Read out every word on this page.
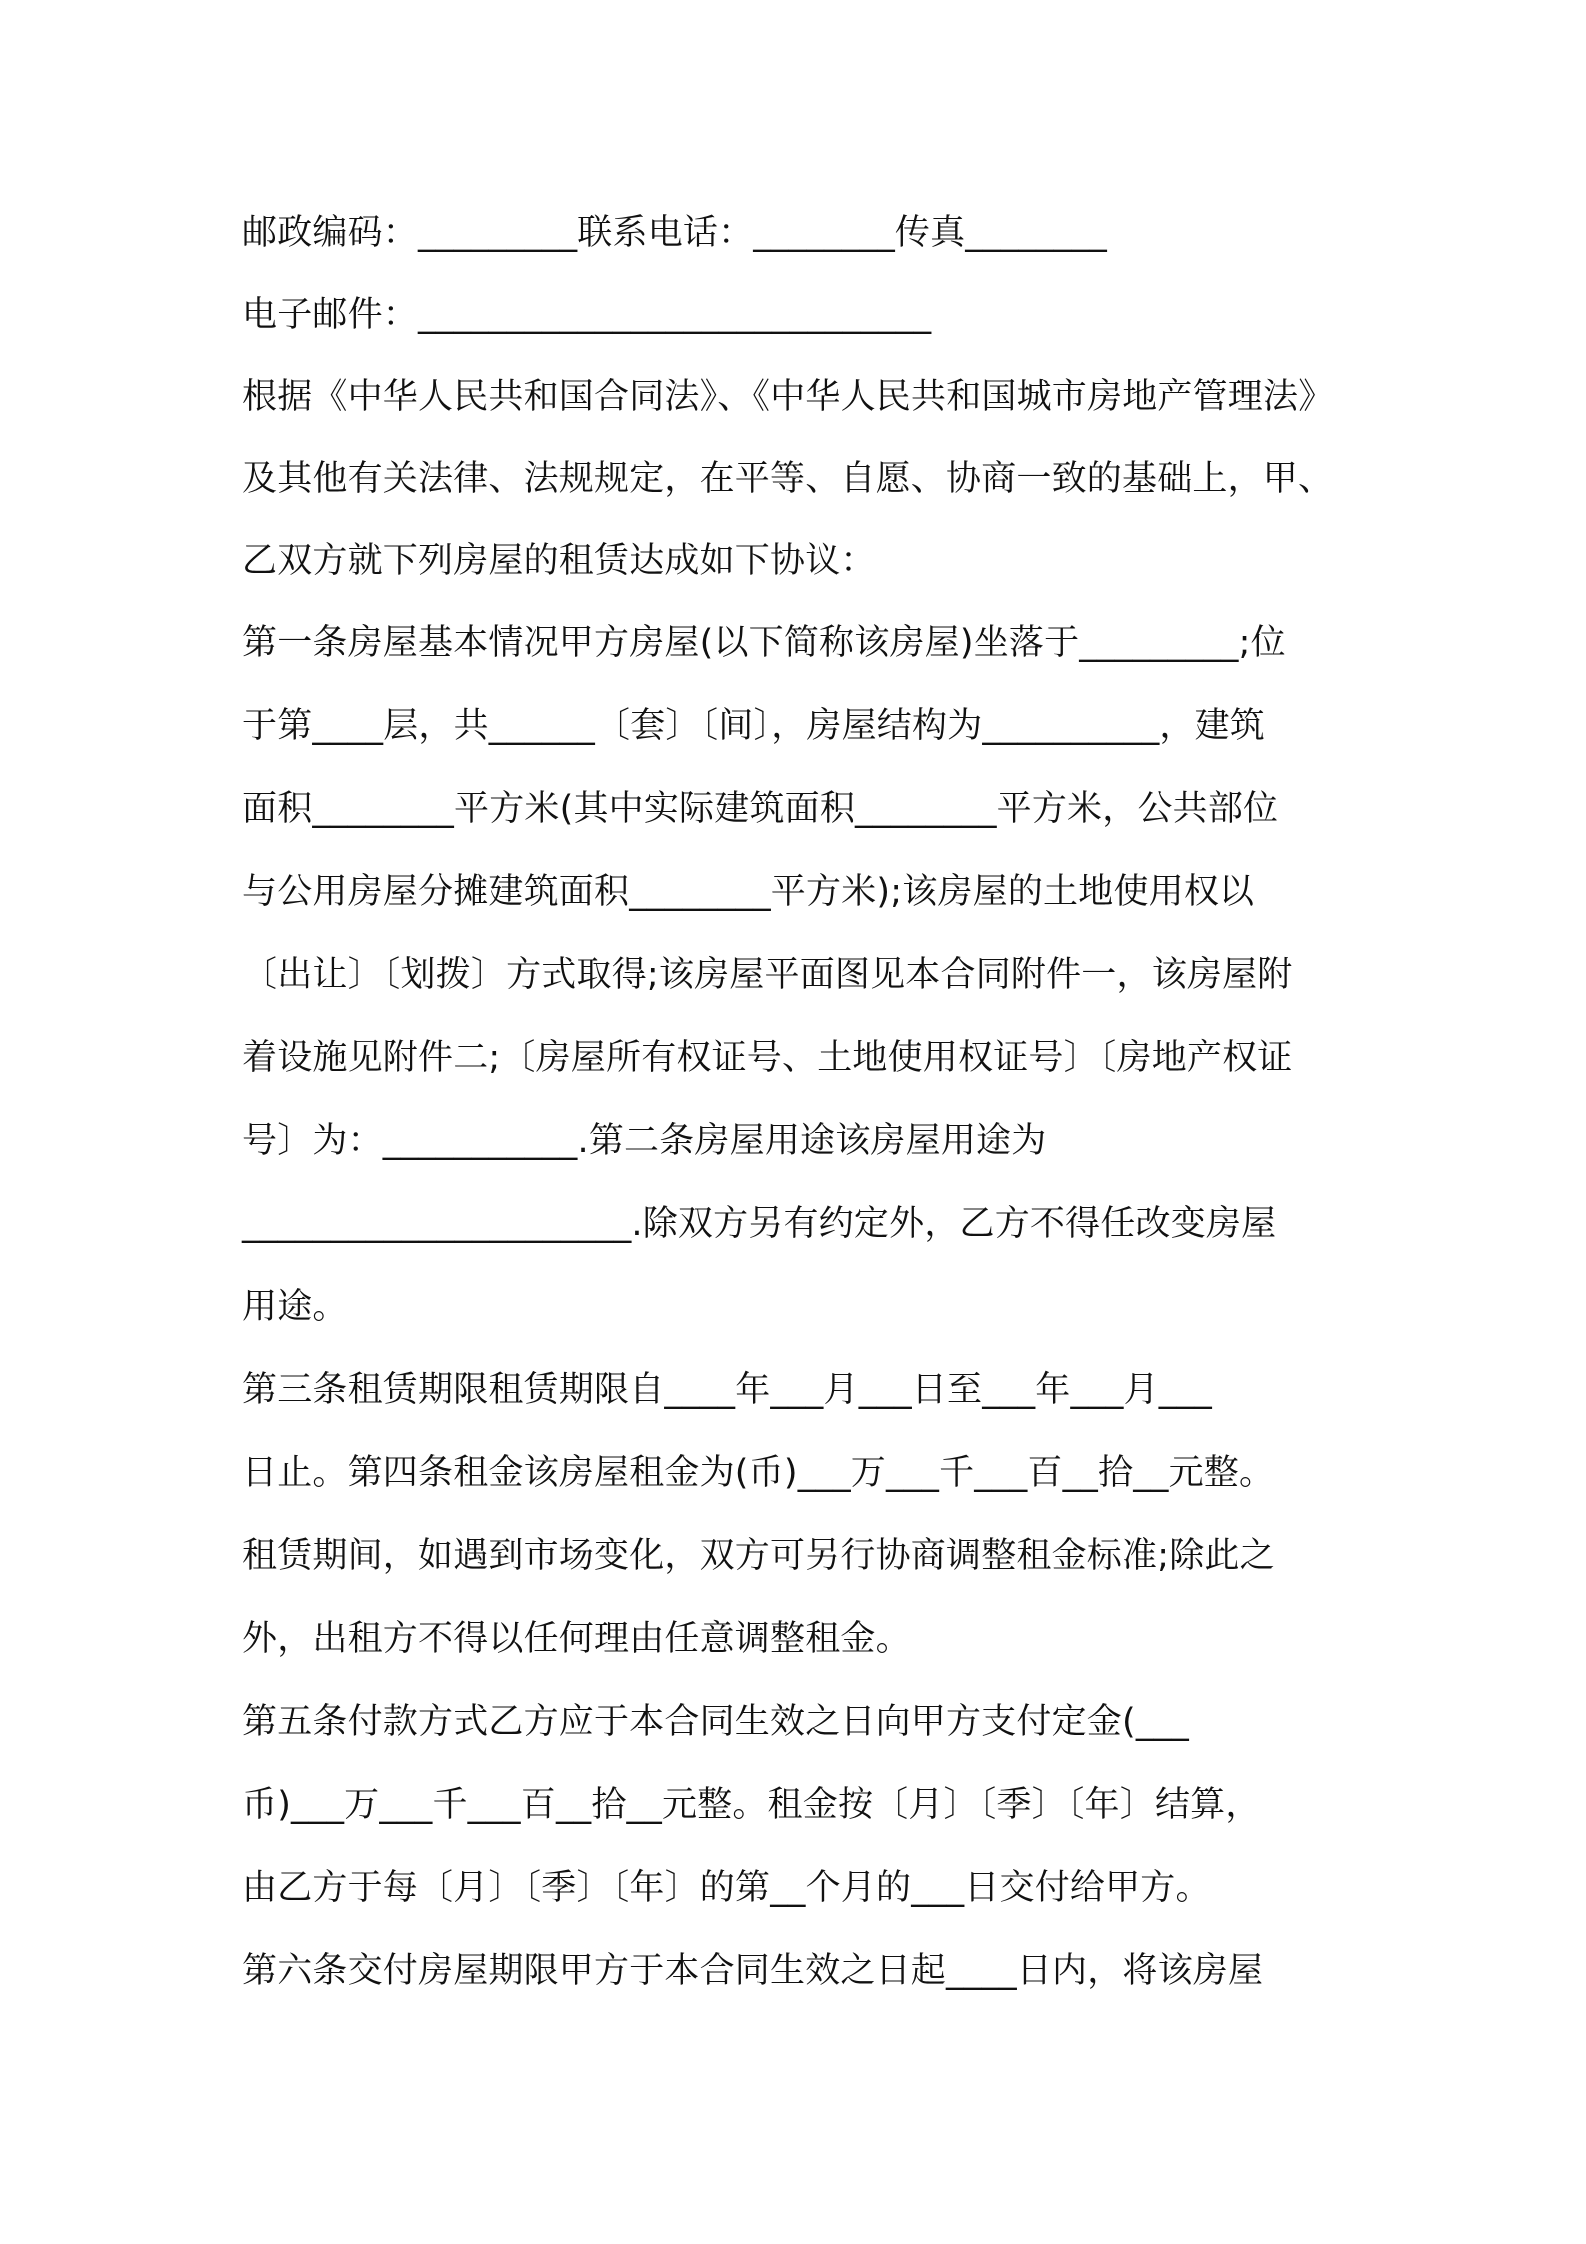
邮政编码：_________联系电话：________传真________
电子邮件：_____________________________
根据《中华人民共和国合同法》、《中华人民共和国城市房地产管理法》
及其他有关法律、法规规定，在平等、自愿、协商一致的基础上，甲、
乙双方就下列房屋的租赁达成如下协议：
第一条房屋基本情况甲方房屋(以下简称该房屋)坐落于_________;位
于第____层，共______〔套〕〔间〕，房屋结构为__________，建筑
面积________平方米(其中实际建筑面积________平方米，公共部位
与公用房屋分摊建筑面积________平方米);该房屋的土地使用权以
〔出让〕〔划拨〕方式取得;该房屋平面图见本合同附件一，该房屋附
着设施见附件二;〔房屋所有权证号、土地使用权证号〕〔房地产权证
号〕为：___________.第二条房屋用途该房屋用途为
______________________.除双方另有约定外，乙方不得任改变房屋
用途。
第三条租赁期限租赁期限自____年___月___日至___年___月___
日止。第四条租金该房屋租金为(币)___万___千___百__拾__元整。
租赁期间，如遇到市场变化，双方可另行协商调整租金标准;除此之
外，出租方不得以任何理由任意调整租金。
第五条付款方式乙方应于本合同生效之日向甲方支付定金(___
币)___万___千___百__拾__元整。租金按〔月〕〔季〕〔年〕结算，
由乙方于每〔月〕〔季〕〔年〕的第__个月的___日交付给甲方。
第六条交付房屋期限甲方于本合同生效之日起____日内，将该房屋
